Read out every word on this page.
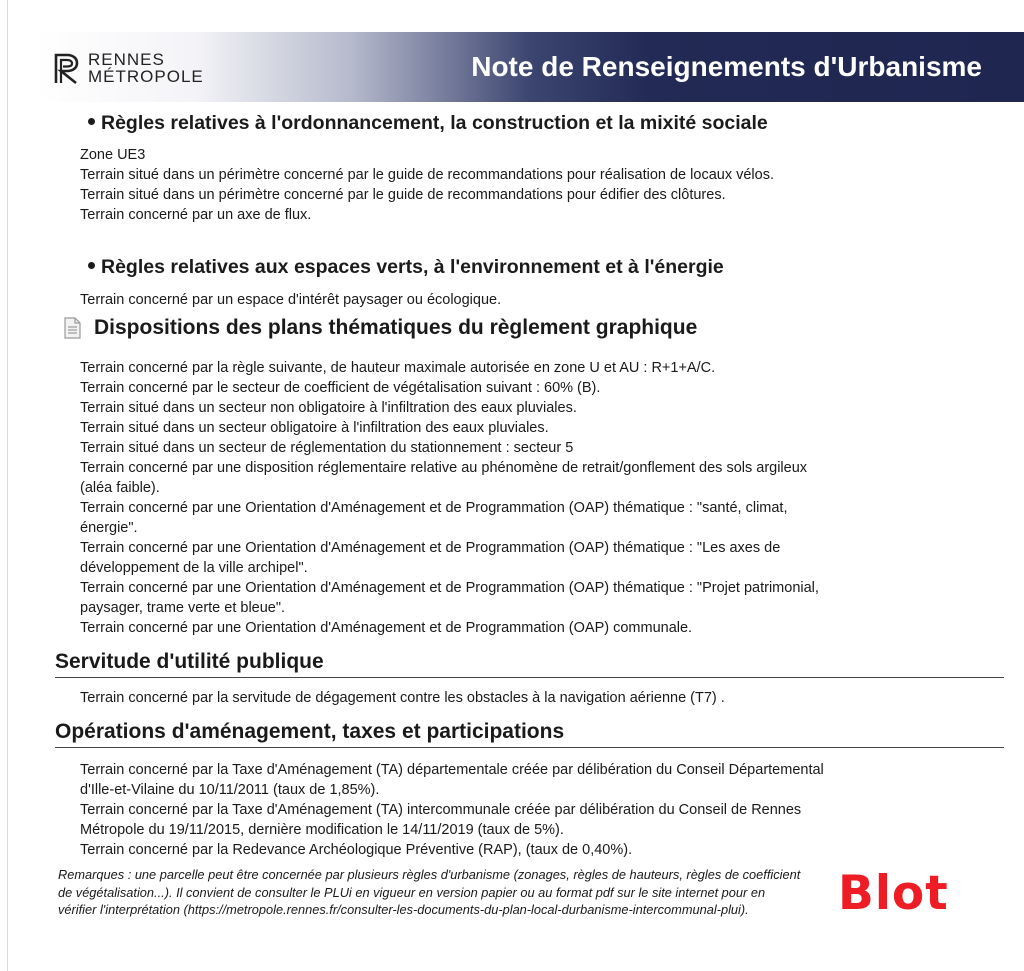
RENNES
MÉTROPOLE	Note de Renseignements d'Urbanisme
Règles relatives à l'ordonnancement, la construction et la mixité sociale

Zone UE3

Terrain situé dans un périmètre concerné par le guide de recommandations pour réalisation de locaux vélos.

Terrain situé dans un périmètre concerné par le guide de recommandations pour édifier des clôtures.

Terrain concerné par un axe de flux.

Règles relatives aux espaces verts, à l'environnement et à l'énergie

Terrain concerné par un espace d'intérêt paysager ou écologique.

Dispositions des plans thématiques du règlement graphique

Terrain concerné par la règle suivante, de hauteur maximale autorisée en zone U et AU : R+1+A/C.

Terrain concerné par le secteur de coefficient de végétalisation suivant : 60% (B).

Terrain situé dans un secteur non obligatoire à l'infiltration des eaux pluviales.

Terrain situé dans un secteur obligatoire à l'infiltration des eaux pluviales.

Terrain situé dans un secteur de réglementation du stationnement : secteur 5

Terrain concerné par une disposition réglementaire relative au phénomène de retrait/gonflement des sols argileux

(aléa faible).

Terrain concerné par une Orientation d'Aménagement et de Programmation (OAP) thématique : "santé, climat,

énergie".

Terrain concerné par une Orientation d'Aménagement et de Programmation (OAP) thématique : "Les axes de

développement de la ville archipel".

Terrain concerné par une Orientation d'Aménagement et de Programmation (OAP) thématique : "Projet patrimonial,

paysager, trame verte et bleue".

Terrain concerné par une Orientation d'Aménagement et de Programmation (OAP) communale.

Servitude d'utilité publique

Terrain concerné par la servitude de dégagement contre les obstacles à la navigation aérienne (T7) .

Opérations d'aménagement, taxes et participations

Terrain concerné par la Taxe d'Aménagement (TA) départementale créée par délibération du Conseil Départemental

d'Ille-et-Vilaine du 10/11/2011 (taux de 1,85%).

Terrain concerné par la Taxe d'Aménagement (TA) intercommunale créée par délibération du Conseil de Rennes

Métropole du 19/11/2015, dernière modification le 14/11/2019 (taux de 5%).

Terrain concerné par la Redevance Archéologique Préventive (RAP), (taux de 0,40%).

Remarques : une parcelle peut être concernée par plusieurs règles d'urbanisme (zonages, règles de hauteurs, règles de coefficient

de végétalisation...). Il convient de consulter le PLUi en vigueur en version papier ou au format pdf sur le site internet pour en

vérifier l'interprétation (https://metropole.rennes.fr/consulter-les-documents-du-plan-local-durbanisme-intercommunal-plui).	Blot
